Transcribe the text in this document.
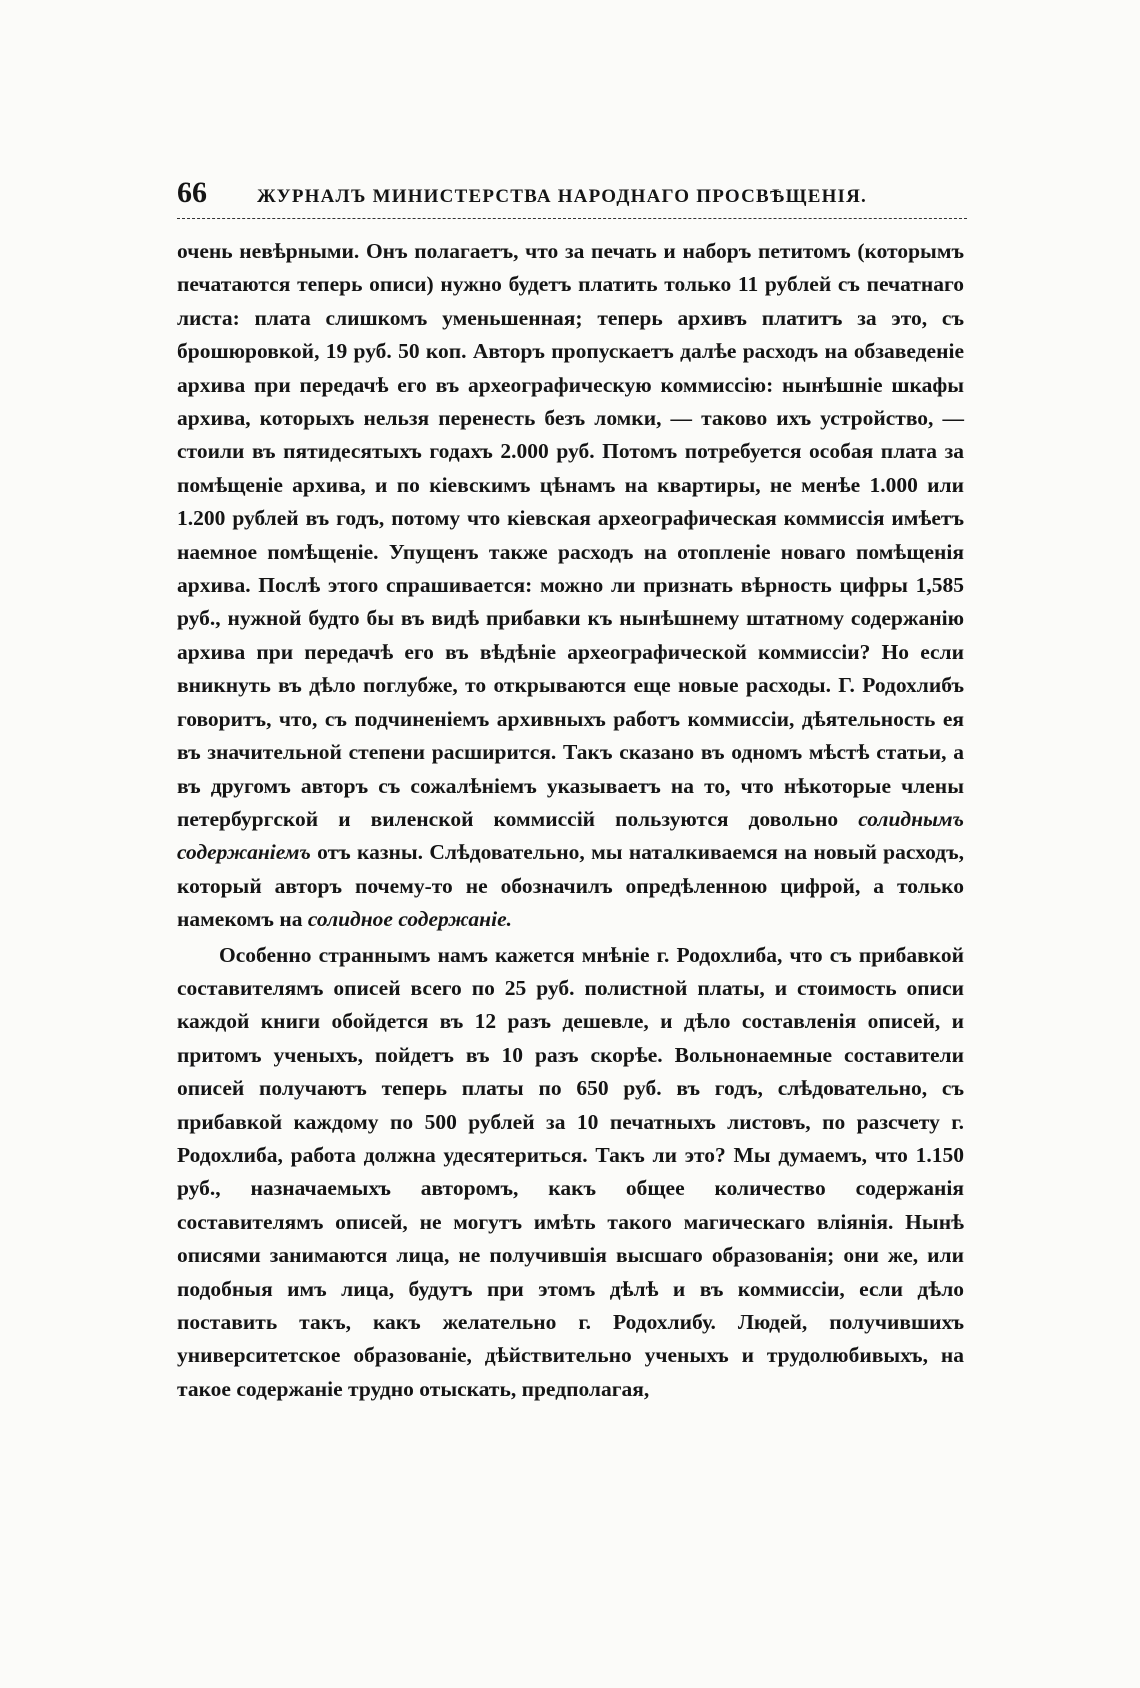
66	ЖУРНАЛЪ МИНИСТЕРСТВА НАРОДНАГО ПРОСВѢЩЕНІЯ.

очень невѣрными. Онъ полагаетъ, что за печать и наборъ петитомъ (которымъ печатаются теперь описи) нужно будетъ платить только 11 рублей съ печатнаго листа: плата слишкомъ уменьшенная; теперь архивъ платитъ за это, съ брошюровкой, 19 руб. 50 коп. Авторъ пропускаетъ далѣе расходъ на обзаведеніе архива при передачѣ его въ археографическую коммиссію: нынѣшніе шкафы архива, которыхъ нельзя перенесть безъ ломки, — таково ихъ устройство, — стоили въ пятидесятыхъ годахъ 2.000 руб. Потомъ потребуется особая плата за помѣщеніе архива, и по кіевскимъ цѣнамъ на квартиры, не менѣе 1.000 или 1.200 рублей въ годъ, потому что кіевская археографическая коммиссія имѣетъ наемное помѣщеніе. Упущенъ также расходъ на отопленіе новаго помѣщенія архива. Послѣ этого спрашивается: можно ли признать вѣрность цифры 1,585 руб., нужной будто бы въ видѣ прибавки къ нынѣшнему штатному содержанію архива при передачѣ его въ вѣдѣніе археографической коммиссіи? Но если вникнуть въ дѣло поглубже, то открываются еще новые расходы. Г. Родохлибъ говоритъ, что, съ подчиненіемъ архивныхъ работъ коммиссіи, дѣятельность ея въ значительной степени расширится. Такъ сказано въ одномъ мѣстѣ статьи, а въ другомъ авторъ съ сожалѣніемъ указываетъ на то, что нѣкоторые члены петербургской и виленской коммиссій пользуются довольно солиднымъ содержаніемъ отъ казны. Слѣдовательно, мы наталкиваемся на новый расходъ, который авторъ почему-то не обозначилъ опредѣленною цифрой, а только намекомъ на солидное содержаніе.

Особенно страннымъ намъ кажется мнѣніе г. Родохлиба, что съ прибавкой составителямъ описей всего по 25 руб. полистной платы, и стоимость описи каждой книги обойдется въ 12 разъ дешевле, и дѣло составленія описей, и притомъ ученыхъ, пойдетъ въ 10 разъ скорѣе. Вольнонаемные составители описей получаютъ теперь платы по 650 руб. въ годъ, слѣдовательно, съ прибавкой каждому по 500 рублей за 10 печатныхъ листовъ, по разсчету г. Родохлиба, работа должна удесятериться. Такъ ли это? Мы думаемъ, что 1.150 руб., назначаемыхъ авторомъ, какъ общее количество содержанія составителямъ описей, не могутъ имѣть такого магическаго вліянія. Нынѣ описями занимаются лица, не получившія высшаго образованія; они же, или подобныя имъ лица, будутъ при этомъ дѣлѣ и въ коммиссіи, если дѣло поставить такъ, какъ желательно г. Родохлибу. Людей, получившихъ университетское образованіе, дѣйствительно ученыхъ и трудолюбивыхъ, на такое содержаніе трудно отыскать, предполагая,
